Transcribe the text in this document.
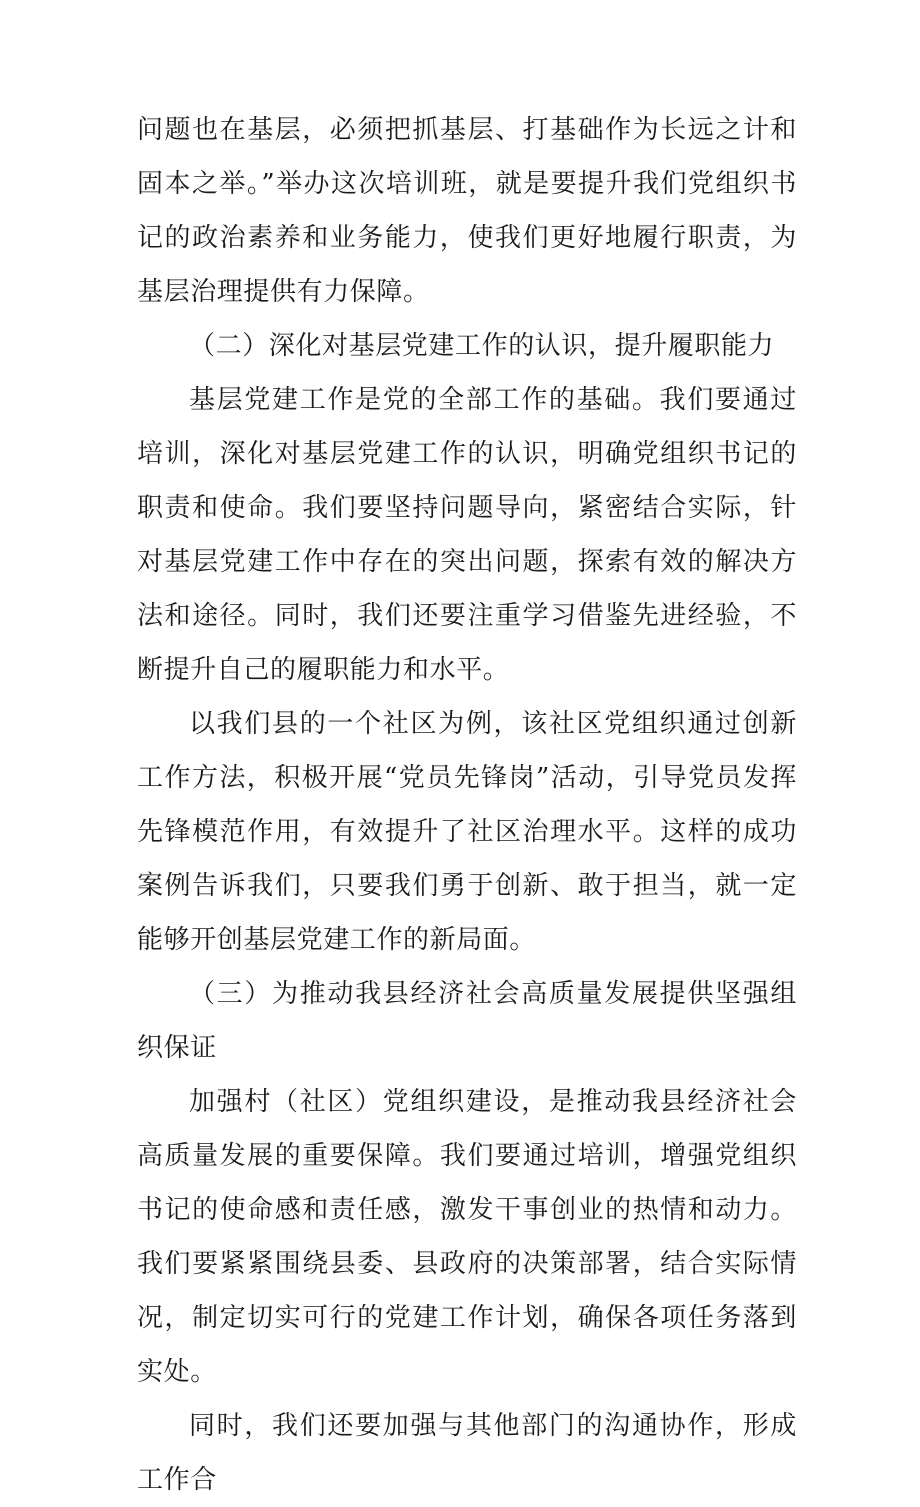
问题也在基层，必须把抓基层、打基础作为长远之计和固本之举。”举办这次培训班，就是要提升我们党组织书记的政治素养和业务能力，使我们更好地履行职责，为基层治理提供有力保障。

（二）深化对基层党建工作的认识，提升履职能力

基层党建工作是党的全部工作的基础。我们要通过培训，深化对基层党建工作的认识，明确党组织书记的职责和使命。我们要坚持问题导向，紧密结合实际，针对基层党建工作中存在的突出问题，探索有效的解决方法和途径。同时，我们还要注重学习借鉴先进经验，不断提升自己的履职能力和水平。

以我们县的一个社区为例，该社区党组织通过创新工作方法，积极开展“党员先锋岗”活动，引导党员发挥先锋模范作用，有效提升了社区治理水平。这样的成功案例告诉我们，只要我们勇于创新、敢于担当，就一定能够开创基层党建工作的新局面。

（三）为推动我县经济社会高质量发展提供坚强组织保证

加强村（社区）党组织建设，是推动我县经济社会高质量发展的重要保障。我们要通过培训，增强党组织书记的使命感和责任感，激发干事创业的热情和动力。我们要紧紧围绕县委、县政府的决策部署，结合实际情况，制定切实可行的党建工作计划，确保各项任务落到实处。

同时，我们还要加强与其他部门的沟通协作，形成工作合
